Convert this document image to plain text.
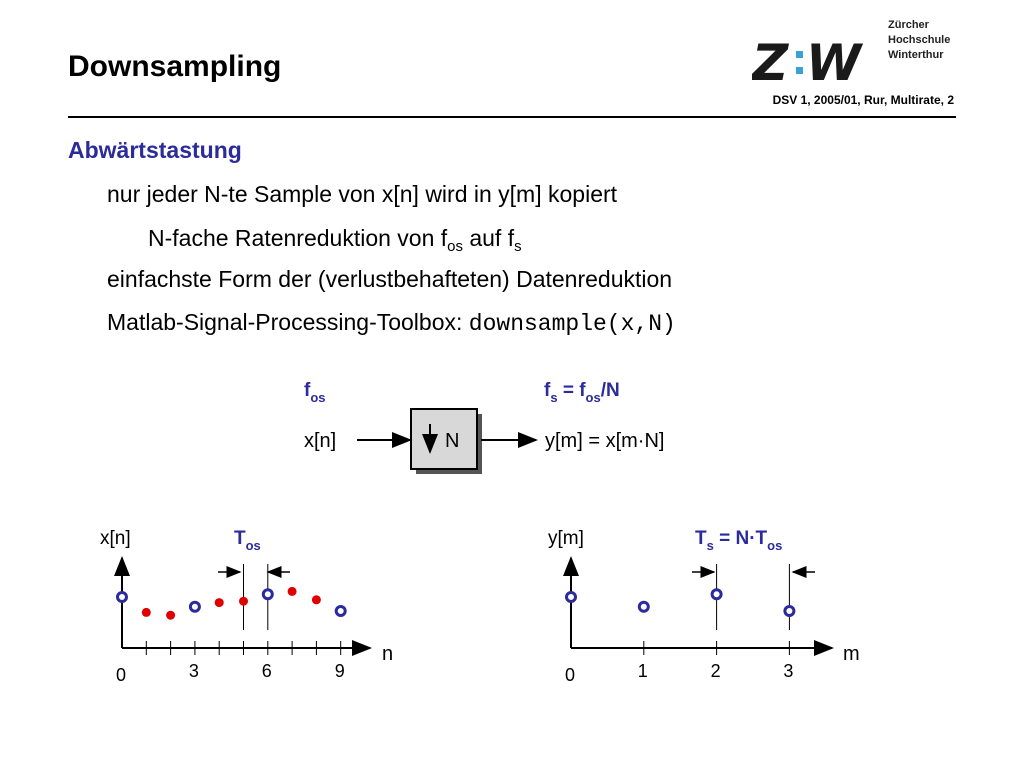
Downsampling
DSV 1, 2005/01, Rur, Multirate, 2
Z W
Zürcher
Hochschule
Winterthur
Abwärtstastung
nur jeder N-te Sample von x[n] wird in y[m] kopiert
N-fache Ratenreduktion von $f_{os}$ auf $f_s$
einfachste Form der (verlustbehafteten) Datenreduktion
Matlab-Signal-Processing-Toolbox: downsample(x,N)
$f_{os}$	$f_s = f_{os}/N$
x[n]	N	y[m] = x[m·N]
x[n]
n
$T_{os}$
0	3	6	9
y[m]
m
$T_s = N\cdot T_{os}$
0	1	2	3
